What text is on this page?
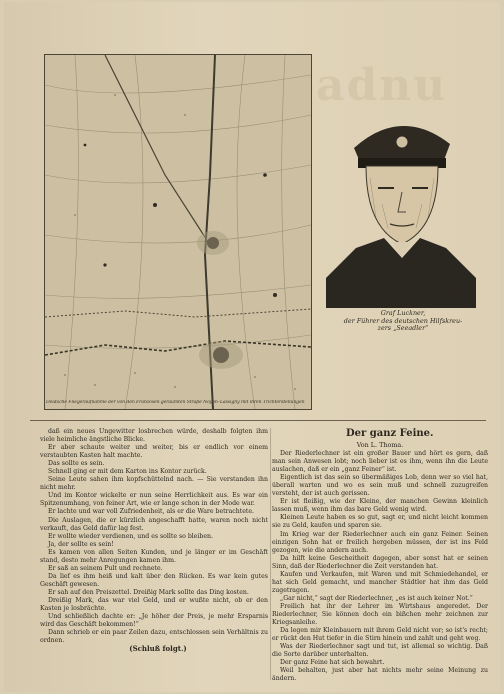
adnu
Deutsche Fliegeraufnahme der von den Franzosen geräumten Straße Noyon–Lassigny mit ihren Trichterstellungen
W.TB 1917
Graf Luckner,
der Führer des deutschen Hilfskreu-
zers „Seeadler“

daß ein neues Ungewitter losbrechen würde, deshalb folgten ihm viele heimliche ängstliche Blicke.

Er aber schaute weiter und weiter, bis er endlich vor einem verstaubten Kasten halt machte.

Das sollte es sein.

Schnell ging er mit dem Karton ins Kontor zurück.

Seine Leute sahen ihm kopfschüttelnd nach. — Sie verstanden ihn nicht mehr.

Und im Kontor wickelte er nun seine Herrlichkeit aus. Es war ein Spitzenumhang, von feiner Art, wie er lange schon in der Mode war.

Er lachte und war voll Zufriedenheit, als er die Ware betrachtete.

Die Auslagen, die er kürzlich angeschafft hatte, waren noch nicht verkauft, das Geld dafür lag fest.

Er wollte wieder verdienen, und es sollte so bleiben.

Ja, der sollte es sein!

Es kamen von allen Seiten Kunden, und je länger er im Geschäft stand, desto mehr Anregungen kamen ihm.

Er saß an seinem Pult und rechnete.

Da lief es ihm heiß und kalt über den Rücken. Es war kein gutes Geschäft gewesen.

Er sah auf den Preiszettel. Dreißig Mark sollte das Ding kosten.

Dreißig Mark, das war viel Geld, und er wußte nicht, ob er den Kasten je losbrächte.

Und schließlich dachte er: „Je höher der Preis, je mehr Ersparnis wird das Geschäft bekommen!“

Dann schrieb er ein paar Zeilen dazu, entschlossen sein Verhältnis zu ordnen.

(Schluß folgt.)

Der ganz Feine.

Von L. Thoma.

Der Riederlechner ist ein großer Bauer und hört es gern, daß man sein Anwesen lobt; noch lieber ist es ihm, wenn ihn die Leute auslachen, daß er ein „ganz Feiner“ ist.

Eigentlich ist das sein so übermäßiges Lob, denn wer so viel hat, überall warten und wo es sein muß und schnell zuzugreifen versteht, der ist auch gerissen.

Er ist fleißig, wie der Kleine, der manchen Gewinn kleinlich lassen muß, wenn ihm das bare Geld wenig wird.

Kleinen Leute haben es so gut, sagt er, und nicht leicht kommen sie zu Geld, kaufen und sparen sie.

Im Krieg war der Riederlechner auch ein ganz Feiner. Seinen einzigen Sohn hat er freilich hergeben müssen, der ist ins Feld gezogen, wie die andern auch.

Da hilft keine Gescheitheit dagegen, aber sonst hat er seinen Sinn, daß der Riederlechner die Zeit verstanden hat.

Kaufen und Verkaufen, mit Waren und mit Schmiedehandel, er hat sich Geld gemacht, und mancher Städtler hat ihm das Geld zugetragen.

„Gar nicht,“ sagt der Riederlechner, „es ist auch keiner Not.“

Freilich hat ihr der Lehrer im Wirtshaus angeredet. Der Riederlechner, Sie können doch ein bißchen mehr zeichnen zur Kriegsanleihe.

Da legen mir Kleinbauern mit ihrem Geld nicht vor; so ist's recht; er rückt den Hut tiefer in die Stirn hinein und zahlt und geht weg.

Was der Riederlechner sagt und tut, ist allemal so wichtig. Daß die Sorte darüber unterhalten.

Der ganz Feine hat sich bewahrt.

Weil behalten, just aber hat nichts mehr seine Meinung zu ändern.
